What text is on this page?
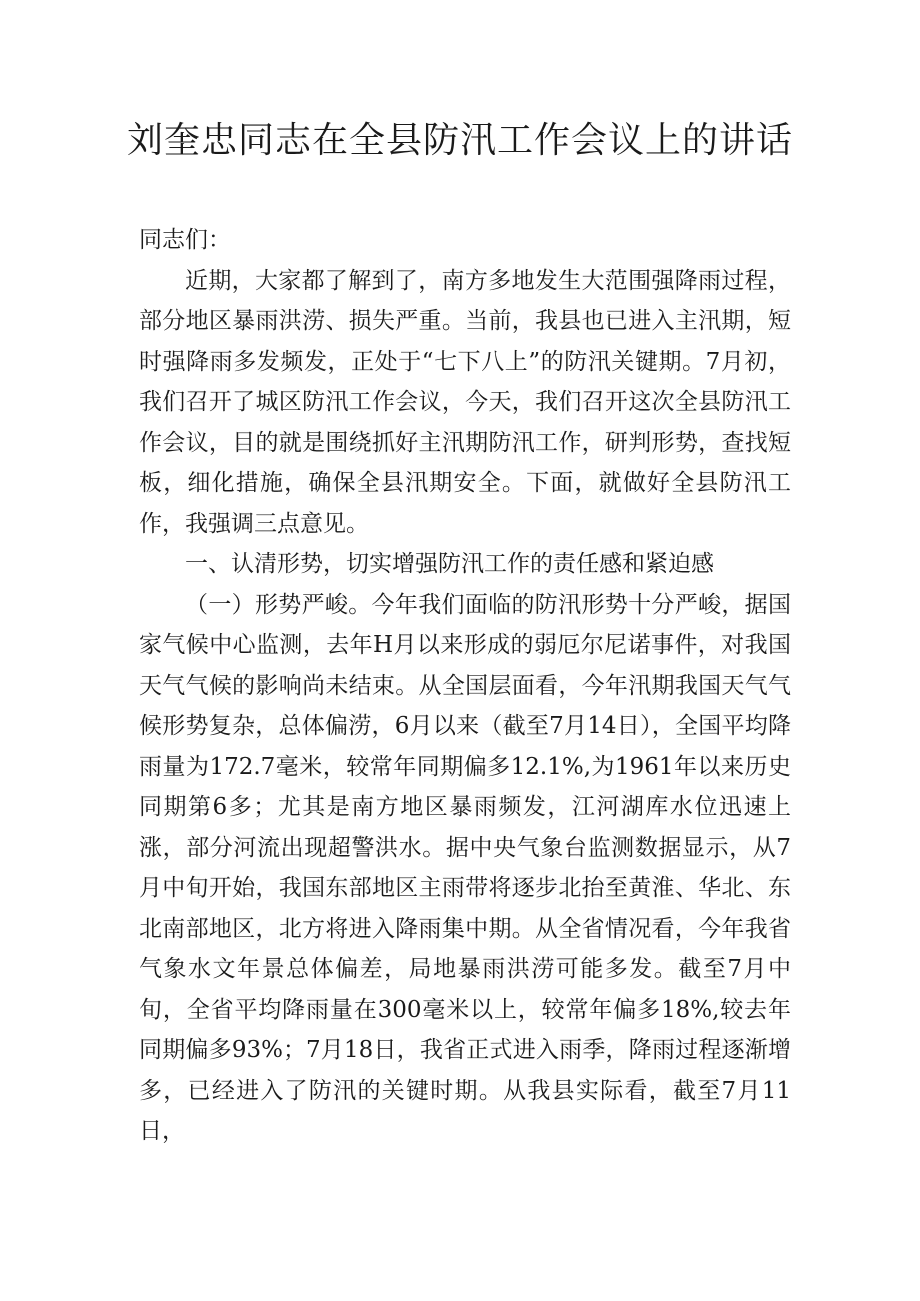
刘奎忠同志在全县防汛工作会议上的讲话

同志们：

近期，大家都了解到了，南方多地发生大范围强降雨过程，部分地区暴雨洪涝、损失严重。当前，我县也已进入主汛期，短时强降雨多发频发，正处于“七下八上”的防汛关键期。7月初，我们召开了城区防汛工作会议，今天，我们召开这次全县防汛工作会议，目的就是围绕抓好主汛期防汛工作，研判形势，查找短板，细化措施，确保全县汛期安全。下面，就做好全县防汛工作，我强调三点意见。

一、认清形势，切实增强防汛工作的责任感和紧迫感

（一）形势严峻。今年我们面临的防汛形势十分严峻，据国家气候中心监测，去年H月以来形成的弱厄尔尼诺事件，对我国天气气候的影响尚未结束。从全国层面看，今年汛期我国天气气候形势复杂，总体偏涝，6月以来（截至7月14日），全国平均降雨量为172.7毫米，较常年同期偏多12.1%,为1961年以来历史同期第6多；尤其是南方地区暴雨频发，江河湖库水位迅速上涨，部分河流出现超警洪水。据中央气象台监测数据显示，从7月中旬开始，我国东部地区主雨带将逐步北抬至黄淮、华北、东北南部地区，北方将进入降雨集中期。从全省情况看，今年我省气象水文年景总体偏差，局地暴雨洪涝可能多发。截至7月中旬，全省平均降雨量在300毫米以上，较常年偏多18%,较去年同期偏多93%；7月18日，我省正式进入雨季，降雨过程逐渐增多，已经进入了防汛的关键时期。从我县实际看，截至7月11日，
